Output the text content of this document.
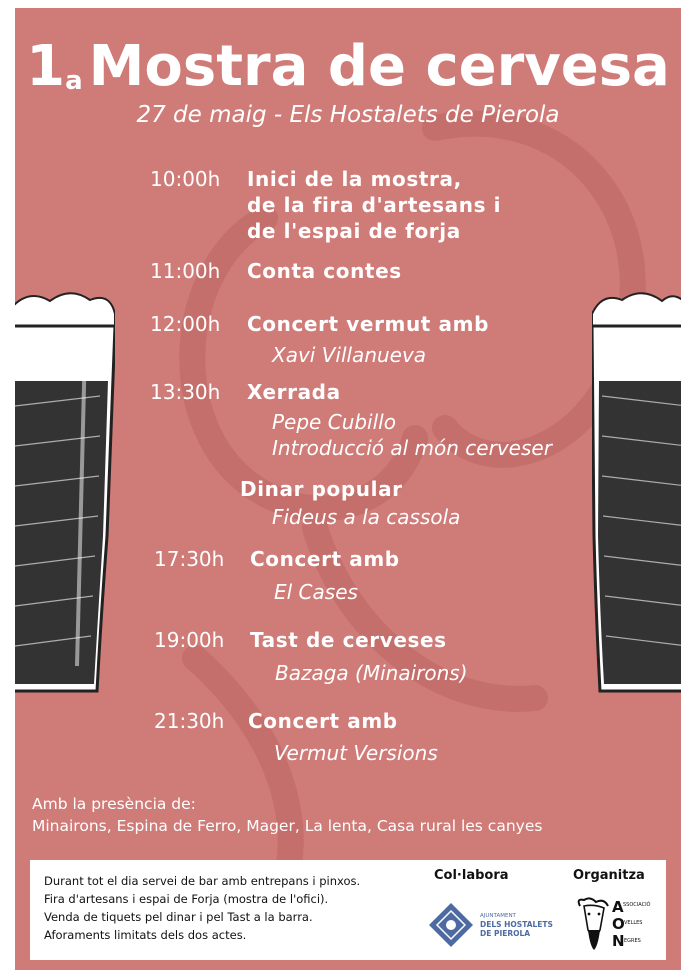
1a Mostra de cervesa
27 de maig - Els Hostalets de Pierola
10:00h Inici de la mostra,
de la fira d'artesans i
de l'espai de forja
11:00h Conta contes
12:00h Concert vermut amb
Xavi Villanueva
13:30h Xerrada
Pepe Cubillo
Introducció al món cerveser
Dinar popular
Fideus a la cassola
17:30h Concert amb
El Cases
19:00h Tast de cerveses
Bazaga (Minairons)
21:30h Concert amb
Vermut Versions
Amb la presència de:
Minairons, Espina de Ferro, Mager, La lenta, Casa rural les canyes
Durant tot el dia servei de bar amb entrepans i pinxos.
Fira d'artesans i espai de Forja (mostra de l'ofici).
Venda de tiquets pel dinar i pel Tast a la barra.
Aforaments limitats dels dos actes.
Col·labora
AJUNTAMENT
DELS HOSTALETS
DE PIEROLA
Organitza
A SSOCIACIÓ
O VELLES
N EGRES
